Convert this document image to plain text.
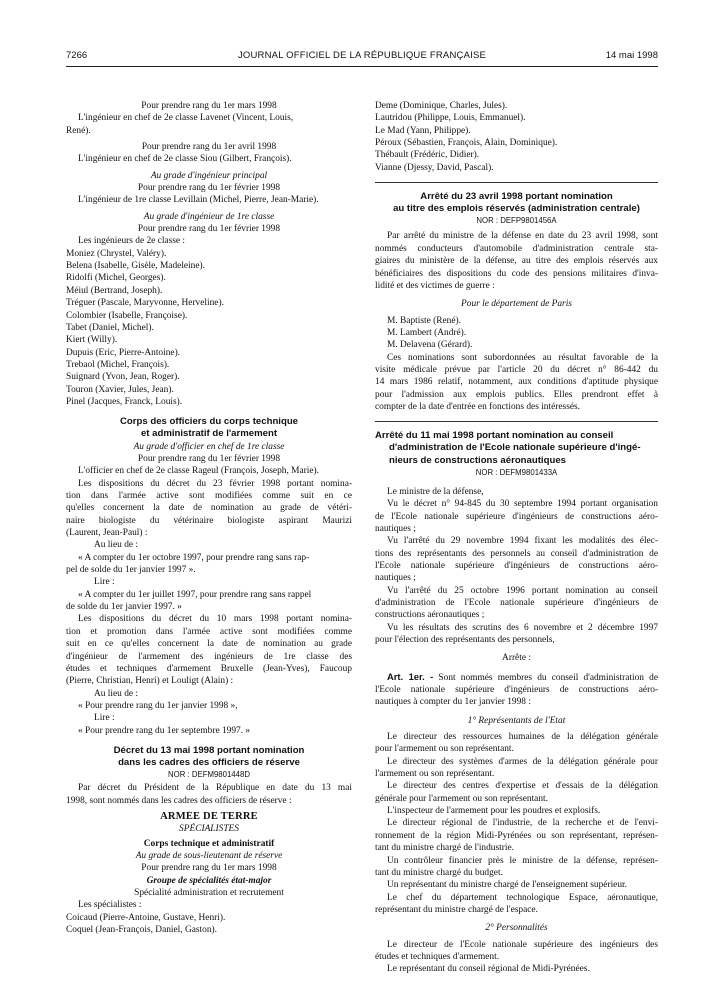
7266	JOURNAL OFFICIEL DE LA RÉPUBLIQUE FRANÇAISE	14 mai 1998
Pour prendre rang du 1er mars 1998
L'ingénieur en chef de 2e classe Lavenet (Vincent, Louis,
René).
Pour prendre rang du 1er avril 1998
L'ingénieur en chef de 2e classe Siou (Gilbert, François).
Au grade d'ingénieur principal
Pour prendre rang du 1er février 1998
L'ingénieur de 1re classe Levillain (Michel, Pierre, Jean-Marie).
Au grade d'ingénieur de 1re classe
Pour prendre rang du 1er février 1998
Les ingénieurs de 2e classe :
Moniez (Chrystel, Valéry).
Belena (Isabelle, Gisèle, Madeleine).
Ridolfi (Michel, Georges).
Méiul (Bertrand, Joseph).
Tréguer (Pascale, Maryvonne, Herveline).
Colombier (Isabelle, Françoise).
Tabet (Daniel, Michel).
Kiert (Willy).
Dupuis (Eric, Pierre-Antoine).
Trebaol (Michel, François).
Suignard (Yvon, Jean, Roger).
Touron (Xavier, Jules, Jean).
Pinel (Jacques, Franck, Louis).
Corps des officiers du corps technique
et administratif de l'armement
Au grade d'officier en chef de 1re classe
Pour prendre rang du 1er février 1998
L'officier en chef de 2e classe Rageul (François, Joseph, Marie).
Les dispositions du décret du 23 février 1998 portant nomina-
tion dans l'armée active sont modifiées comme suit en ce
qu'elles concernent la date de nomination au grade de vétéri-
naire biologiste du vétérinaire biologiste aspirant Maurizi
(Laurent, Jean-Paul) :
Au lieu de :
« A compter du 1er octobre 1997, pour prendre rang sans rap-
pel de solde du 1er janvier 1997 ».
Lire :
« A compter du 1er juillet 1997, pour prendre rang sans rappel
de solde du 1er janvier 1997. »
Les dispositions du décret du 10 mars 1998 portant nomina-
tion et promotion dans l'armée active sont modifiées comme
suit en ce qu'elles concernent la date de nomination au grade
d'ingénieur de l'armement des ingénieurs de 1re classe des
études et techniques d'armement Bruxelle (Jean-Yves), Faucoup
(Pierre, Christian, Henri) et Louligt (Alain) :
Au lieu de :
« Pour prendre rang du 1er janvier 1998 »,
Lire :
« Pour prendre rang du 1er septembre 1997. »
Décret du 13 mai 1998 portant nomination
dans les cadres des officiers de réserve
NOR : DEFM9801448D
Par décret du Président de la République en date du 13 mai
1998, sont nommés dans les cadres des officiers de réserve :
ARMÉE DE TERRE
SPÉCIALISTES
Corps technique et administratif
Au grade de sous-lieutenant de réserve
Pour prendre rang du 1er mars 1998
Groupe de spécialités état-major
Spécialité administration et recrutement
Les spécialistes :
Coicaud (Pierre-Antoine, Gustave, Henri).
Coquel (Jean-François, Daniel, Gaston).
Deme (Dominique, Charles, Jules).
Lautridou (Philippe, Louis, Emmanuel).
Le Mad (Yann, Philippe).
Péroux (Sébastien, François, Alain, Dominique).
Thébault (Frédéric, Didier).
Vianne (Djessy, David, Pascal).
Arrêté du 23 avril 1998 portant nomination
au titre des emplois réservés (administration centrale)
NOR : DEFP9801456A
Par arrêté du ministre de la défense en date du 23 avril 1998, sont
nommés conducteurs d'automobile d'administration centrale sta-
giaires du ministère de la défense, au titre des emplois réservés aux
bénéficiaires des dispositions du code des pensions militaires d'inva-
lidité et des victimes de guerre :
Pour le département de Paris
M. Baptiste (René).
M. Lambert (André).
M. Delavena (Gérard).
Ces nominations sont subordonnées au résultat favorable de la
visite médicale prévue par l'article 20 du décret n° 86-442 du
14 mars 1986 relatif, notamment, aux conditions d'aptitude physique
pour l'admission aux emplois publics. Elles prendront effet à
compter de la date d'entrée en fonctions des intéressés.
Arrêté du 11 mai 1998 portant nomination au conseil
d'administration de l'Ecole nationale supérieure d'ingé-
nieurs de constructions aéronautiques
NOR : DEFM9801433A
Le ministre de la défense,
Vu le décret n° 94-845 du 30 septembre 1994 portant organisation
de l'Ecole nationale supérieure d'ingénieurs de constructions aéro-
nautiques ;
Vu l'arrêté du 29 novembre 1994 fixant les modalités des élec-
tions des représentants des personnels au conseil d'administration de
l'Ecole nationale supérieure d'ingénieurs de constructions aéro-
nautiques ;
Vu l'arrêté du 25 octobre 1996 portant nomination au conseil
d'administration de l'Ecole nationale supérieure d'ingénieurs de
constructions aéronautiques ;
Vu les résultats des scrutins des 6 novembre et 2 décembre 1997
pour l'élection des représentants des personnels,
Arrête :
Art. 1er. - Sont nommés membres du conseil d'administration de
l'Ecole nationale supérieure d'ingénieurs de constructions aéro-
nautiques à compter du 1er janvier 1998 :
1° Représentants de l'Etat
Le directeur des ressources humaines de la délégation générale
pour l'armement ou son représentant.
Le directeur des systèmes d'armes de la délégation générale pour
l'armement ou son représentant.
Le directeur des centres d'expertise et d'essais de la délégation
générale pour l'armement ou son représentant.
L'inspecteur de l'armement pour les poudres et explosifs.
Le directeur régional de l'industrie, de la recherche et de l'envi-
ronnement de la région Midi-Pyrénées ou son représentant, représen-
tant du ministre chargé de l'industrie.
Un contrôleur financier près le ministre de la défense, représen-
tant du ministre chargé du budget.
Un représentant du ministre chargé de l'enseignement supérieur.
Le chef du département technologique Espace, aéronautique,
représentant du ministre chargé de l'espace.
2° Personnalités
Le directeur de l'Ecole nationale supérieure des ingénieurs des
études et techniques d'armement.
Le représentant du conseil régional de Midi-Pyrénées.
